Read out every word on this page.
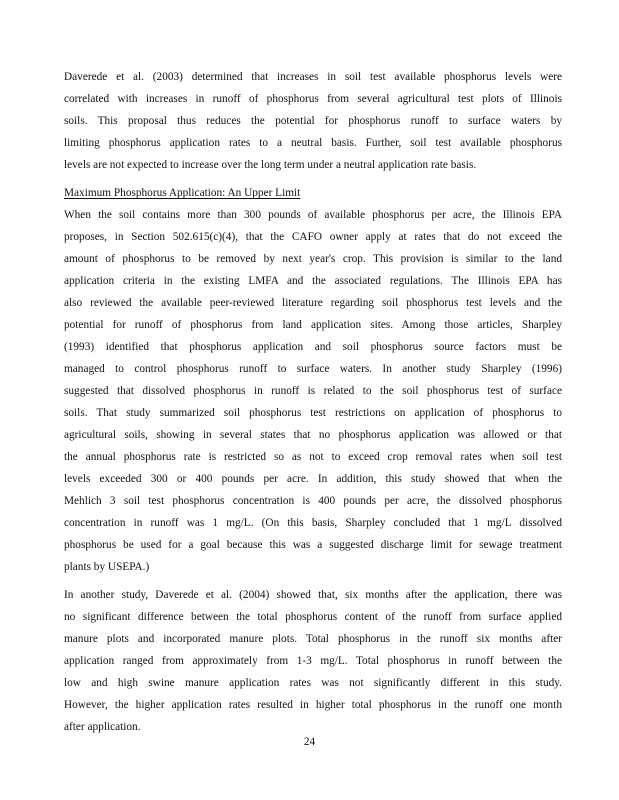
Daverede et al. (2003) determined that increases in soil test available phosphorus levels were
correlated with increases in runoff of phosphorus from several agricultural test plots of Illinois
soils. This proposal thus reduces the potential for phosphorus runoff to surface waters by
limiting phosphorus application rates to a neutral basis. Further, soil test available phosphorus
levels are not expected to increase over the long term under a neutral application rate basis.
Maximum Phosphorus Application: An Upper Limit
When the soil contains more than 300 pounds of available phosphorus per acre, the Illinois EPA
proposes, in Section 502.615(c)(4), that the CAFO owner apply at rates that do not exceed the
amount of phosphorus to be removed by next year's crop. This provision is similar to the land
application criteria in the existing LMFA and the associated regulations. The Illinois EPA has
also reviewed the available peer-reviewed literature regarding soil phosphorus test levels and the
potential for runoff of phosphorus from land application sites. Among those articles, Sharpley
(1993) identified that phosphorus application and soil phosphorus source factors must be
managed to control phosphorus runoff to surface waters. In another study Sharpley (1996)
suggested that dissolved phosphorus in runoff is related to the soil phosphorus test of surface
soils. That study summarized soil phosphorus test restrictions on application of phosphorus to
agricultural soils, showing in several states that no phosphorus application was allowed or that
the annual phosphorus rate is restricted so as not to exceed crop removal rates when soil test
levels exceeded 300 or 400 pounds per acre. In addition, this study showed that when the
Mehlich 3 soil test phosphorus concentration is 400 pounds per acre, the dissolved phosphorus
concentration in runoff was 1 mg/L. (On this basis, Sharpley concluded that 1 mg/L dissolved
phosphorus be used for a goal because this was a suggested discharge limit for sewage treatment
plants by USEPA.)
In another study, Daverede et al. (2004) showed that, six months after the application, there was
no significant difference between the total phosphorus content of the runoff from surface applied
manure plots and incorporated manure plots. Total phosphorus in the runoff six months after
application ranged from approximately from 1-3 mg/L. Total phosphorus in runoff between the
low and high swine manure application rates was not significantly different in this study.
However, the higher application rates resulted in higher total phosphorus in the runoff one month
after application.
24
